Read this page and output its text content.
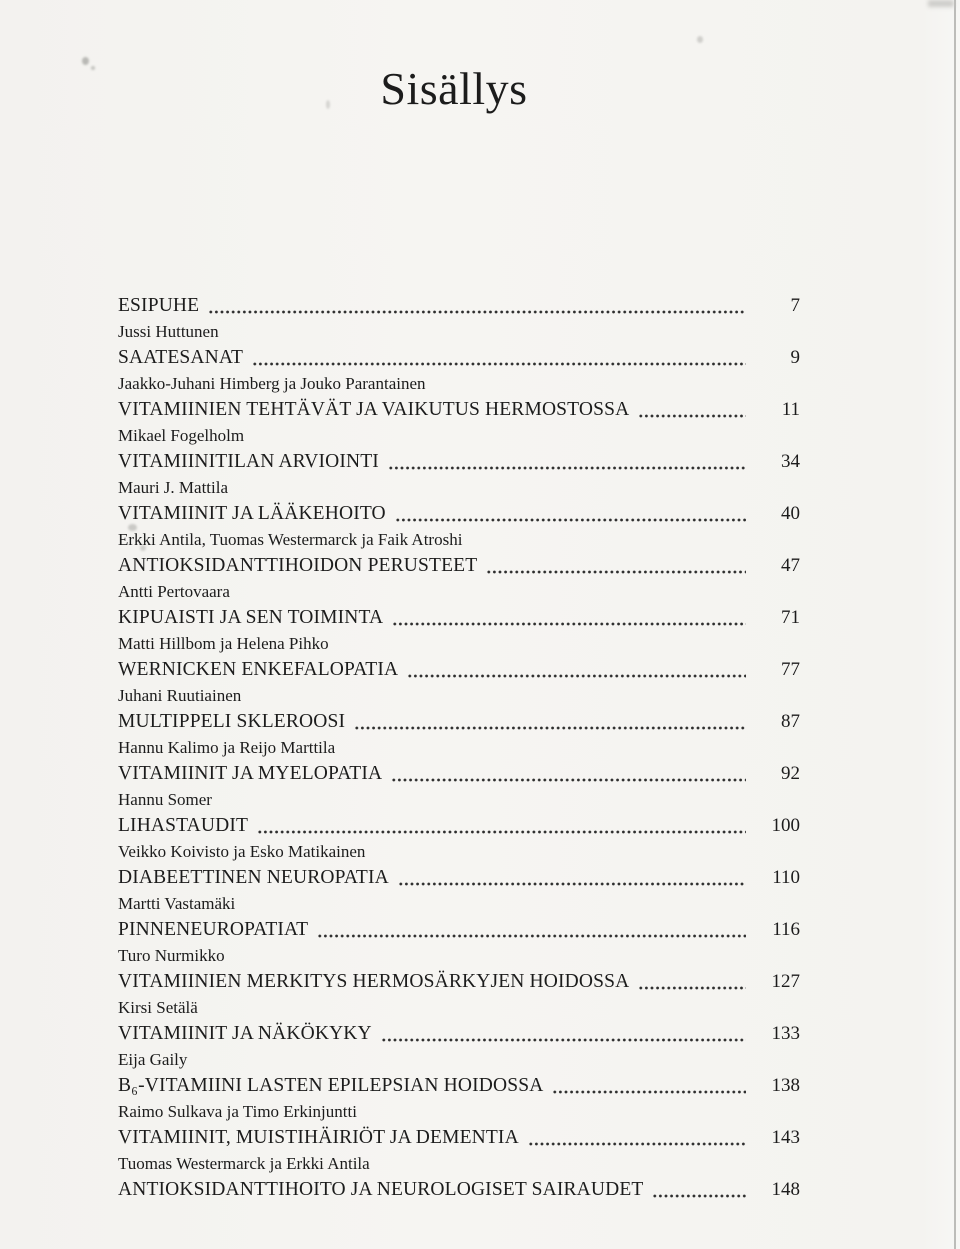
Sisällys
ESIPUHE	7
Jussi Huttunen
SAATESANAT	9
Jaakko-Juhani Himberg ja Jouko Parantainen
VITAMIINIEN TEHTÄVÄT JA VAIKUTUS HERMOSTOSSA	11
Mikael Fogelholm
VITAMIINITILAN ARVIOINTI	34
Mauri J. Mattila
VITAMIINIT JA LÄÄKEHOITO	40
Erkki Antila, Tuomas Westermarck ja Faik Atroshi
ANTIOKSIDANTTIHOIDON PERUSTEET	47
Antti Pertovaara
KIPUAISTI JA SEN TOIMINTA	71
Matti Hillbom ja Helena Pihko
WERNICKEN ENKEFALOPATIA	77
Juhani Ruutiainen
MULTIPPELI SKLEROOSI	87
Hannu Kalimo ja Reijo Marttila
VITAMIINIT JA MYELOPATIA	92
Hannu Somer
LIHASTAUDIT	100
Veikko Koivisto ja Esko Matikainen
DIABEETTINEN NEUROPATIA	110
Martti Vastamäki
PINNENEUROPATIAT	116
Turo Nurmikko
VITAMIINIEN MERKITYS HERMOSÄRKYJEN HOIDOSSA	127
Kirsi Setälä
VITAMIINIT JA NÄKÖKYKY	133
Eija Gaily
B₆-VITAMIINI LASTEN EPILEPSIAN HOIDOSSA	138
Raimo Sulkava ja Timo Erkinjuntti
VITAMIINIT, MUISTIHÄIRIÖT JA DEMENTIA	143
Tuomas Westermarck ja Erkki Antila
ANTIOKSIDANTTIHOITO JA NEUROLOGISET SAIRAUDET	148
